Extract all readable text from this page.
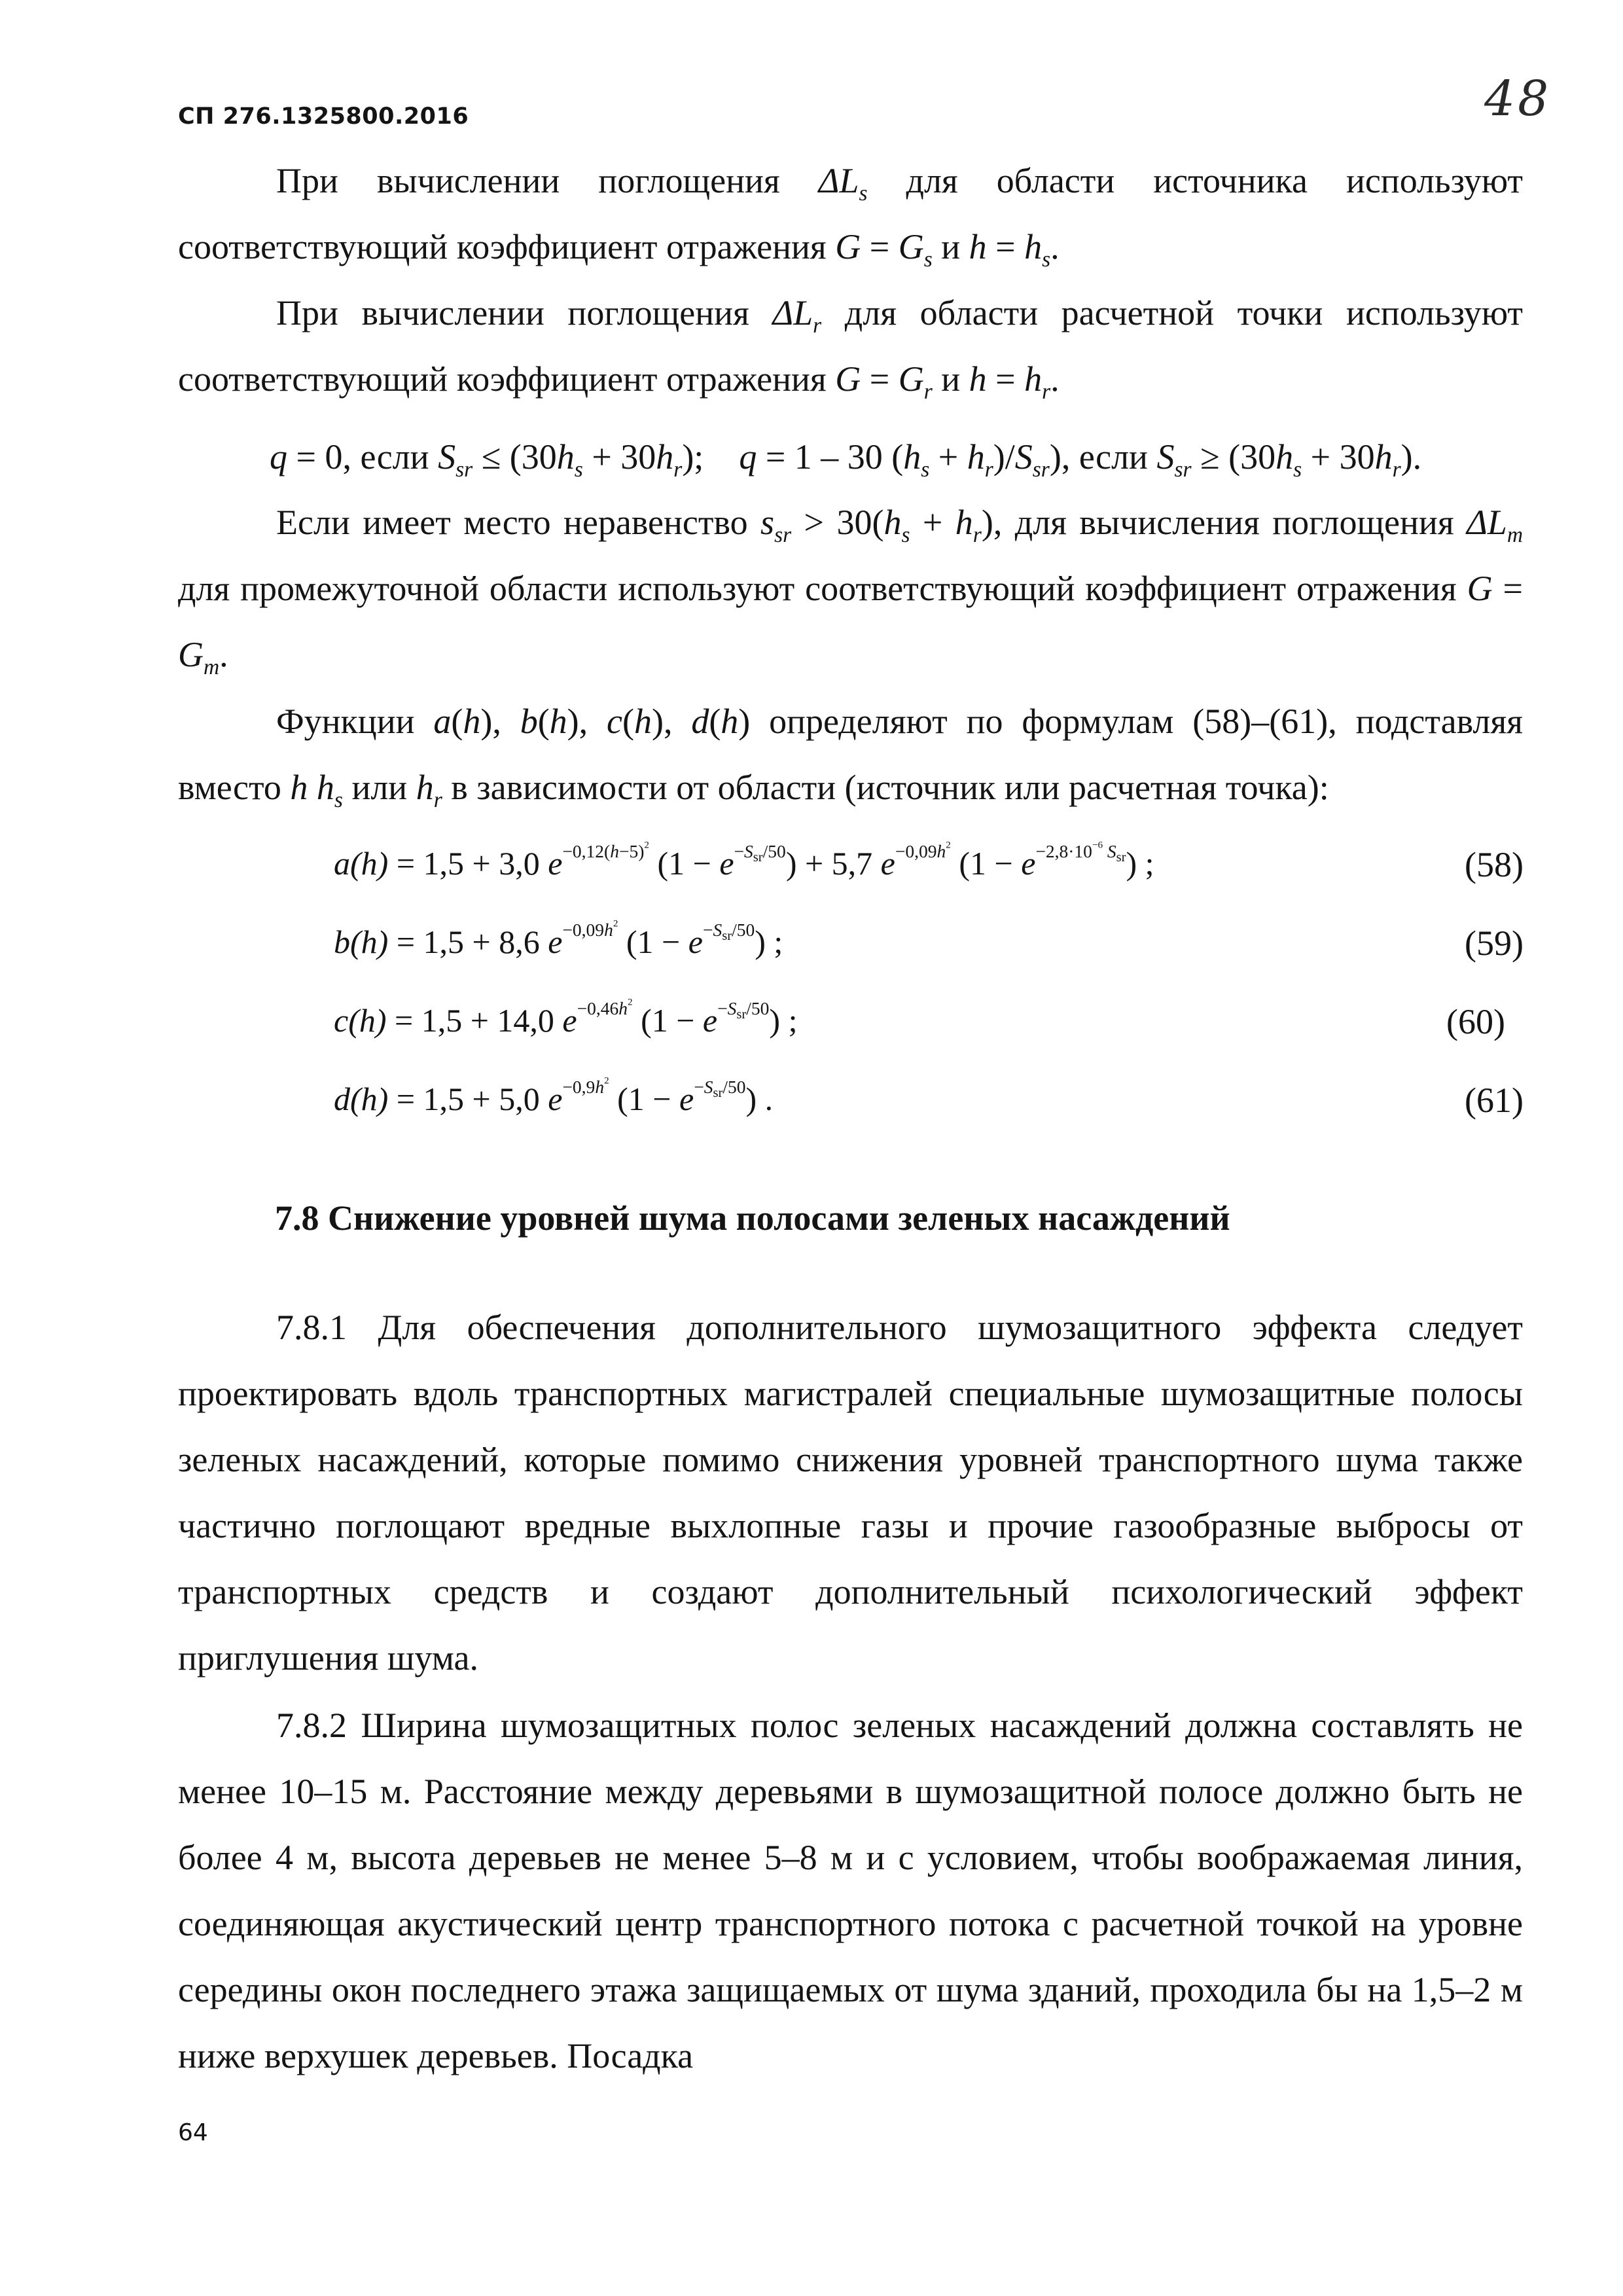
СП 276.1325800.2016	48
При вычислении поглощения $\Delta L_s$ для области источника используют соответствующий коэффициент отражения $G = G_s$ и $h = h_s$.
При вычислении поглощения $\Delta L_r$ для области расчетной точки используют соответствующий коэффициент отражения $G = G_r$ и $h = h_r$.
q = 0, если $S_{sr} \le (30h_s + 30h_r)$;    q = 1 – 30 $(h_s + h_r)/S_{sr}$), если $S_{sr} \ge (30h_s + 30h_r)$.
Если имеет место неравенство $s_{sr} > 30(h_s + h_r)$, для вычисления поглощения $\Delta L_m$ для промежуточной области используют соответствующий коэффициент отражения $G = G_m$.
Функции a(h), b(h), c(h), d(h) определяют по формулам (58)–(61), подставляя вместо h $h_s$ или $h_r$ в зависимости от области (источник или расчетная точка):
a(h) = 1,5 + 3,0 $e^{-0,12(h-5)^2}$ $(1 - e^{-S_{sr}/50}) + 5,7$ $e^{-0,09h^2}$ $(1 - e^{-2,8\cdot 10^{-6} S_{sr}})$ ;	(58)
b(h) = 1,5 + 8,6 $e^{-0,09h^2}$ $(1 - e^{-S_{sr}/50})$ ;	(59)
c(h) = 1,5 + 14,0 $e^{-0,46h^2}$ $(1 - e^{-S_{sr}/50})$ ;	(60)
d(h) = 1,5 + 5,0 $e^{-0,9h^2}$ $(1 - e^{-S_{sr}/50})$ .	(61)
7.8 Снижение уровней шума полосами зеленых насаждений
7.8.1 Для обеспечения дополнительного шумозащитного эффекта следует проектировать вдоль транспортных магистралей специальные шумозащитные полосы зеленых насаждений, которые помимо снижения уровней транспортного шума также частично поглощают вредные выхлопные газы и прочие газообразные выбросы от транспортных средств и создают дополнительный психологический эффект приглушения шума.
7.8.2 Ширина шумозащитных полос зеленых насаждений должна составлять не менее 10–15 м. Расстояние между деревьями в шумозащитной полосе должно быть не более 4 м, высота деревьев не менее 5–8 м и с условием, чтобы воображаемая линия, соединяющая акустический центр транспортного потока с расчетной точкой на уровне середины окон последнего этажа защищаемых от шума зданий, проходила бы на 1,5–2 м ниже верхушек деревьев. Посадка
64
